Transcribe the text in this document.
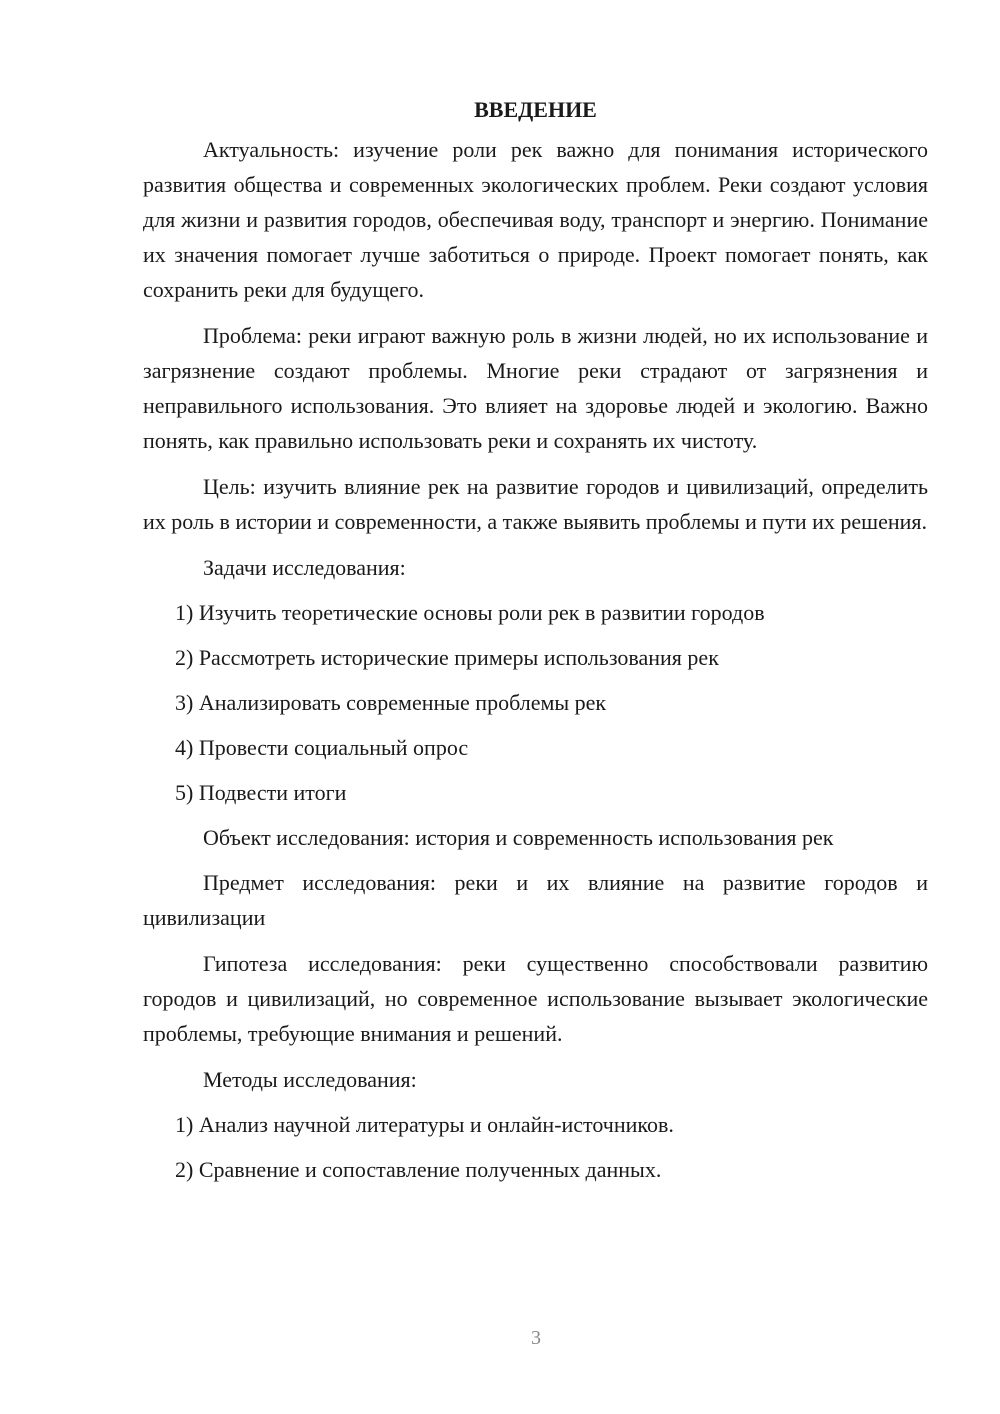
ВВЕДЕНИЕ

Актуальность: изучение роли рек важно для понимания исторического развития общества и современных экологических проблем. Реки создают условия для жизни и развития городов, обеспечивая воду, транспорт и энергию. Понимание их значения помогает лучше заботиться о природе. Проект помогает понять, как сохранить реки для будущего.

Проблема: реки играют важную роль в жизни людей, но их использование и загрязнение создают проблемы. Многие реки страдают от загрязнения и неправильного использования. Это влияет на здоровье людей и экологию. Важно понять, как правильно использовать реки и сохранять их чистоту.

Цель: изучить влияние рек на развитие городов и цивилизаций, определить их роль в истории и современности, а также выявить проблемы и пути их решения.

Задачи исследования:
1) Изучить теоретические основы роли рек в развитии городов
2) Рассмотреть исторические примеры использования рек
3) Анализировать современные проблемы рек
4) Провести социальный опрос
5) Подвести итоги
Объект исследования: история и современность использования рек

Предмет исследования: реки и их влияние на развитие городов и цивилизации

Гипотеза исследования: реки существенно способствовали развитию городов и цивилизаций, но современное использование вызывает экологические проблемы, требующие внимания и решений.

Методы исследования:
1) Анализ научной литературы и онлайн-источников.
2) Сравнение и сопоставление полученных данных.
3
